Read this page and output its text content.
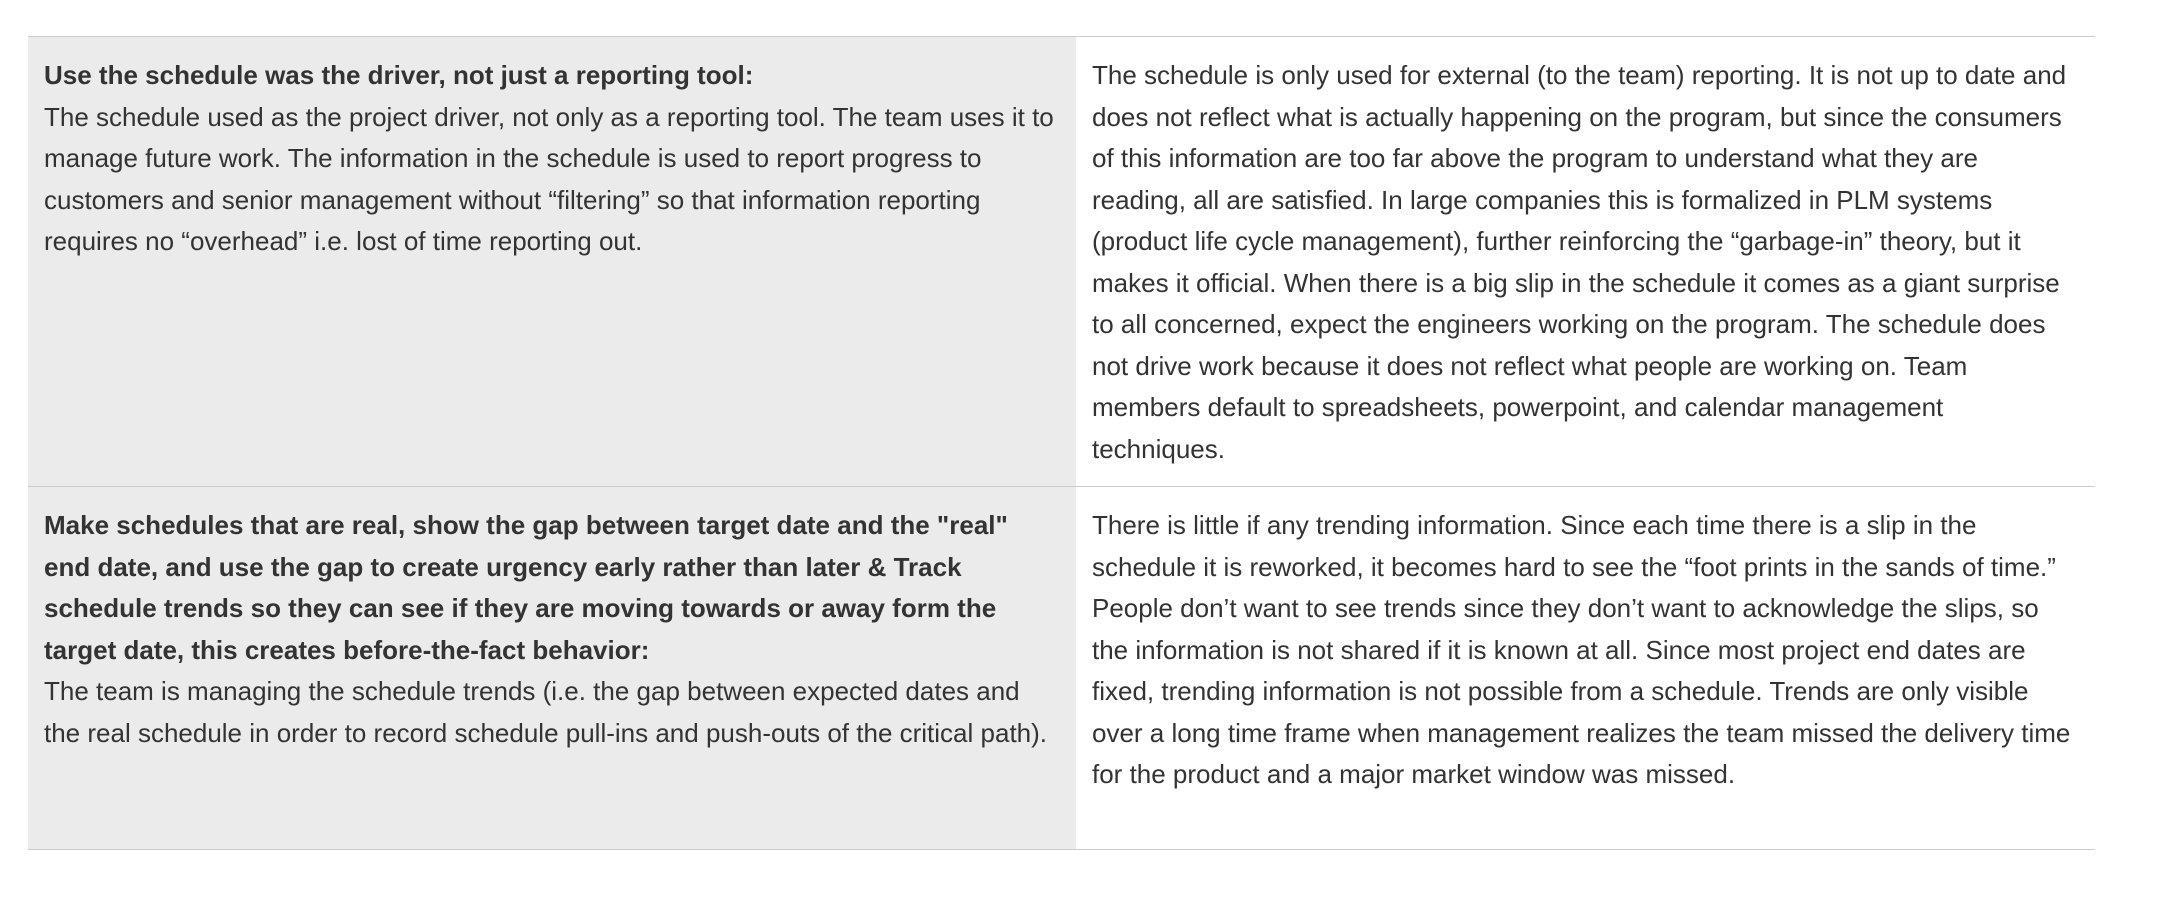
Use the schedule was the driver, not just a reporting tool:
The schedule used as the project driver, not only as a reporting tool. The team uses it to manage future work. The information in the schedule is used to report progress to customers and senior management without “filtering” so that information reporting requires no “overhead” i.e. lost of time reporting out.
The schedule is only used for external (to the team) reporting. It is not up to date and does not reflect what is actually happening on the program, but since the consumers of this information are too far above the program to understand what they are reading, all are satisfied. In large companies this is formalized in PLM systems (product life cycle management), further reinforcing the “garbage-in” theory, but it makes it official. When there is a big slip in the schedule it comes as a giant surprise to all concerned, expect the engineers working on the program. The schedule does not drive work because it does not reflect what people are working on. Team members default to spreadsheets, powerpoint, and calendar management techniques.
Make schedules that are real, show the gap between target date and the "real" end date, and use the gap to create urgency early rather than later & Track schedule trends so they can see if they are moving towards or away form the target date, this creates before-the-fact behavior:
The team is managing the schedule trends (i.e. the gap between expected dates and the real schedule in order to record schedule pull-ins and push-outs of the critical path).
There is little if any trending information. Since each time there is a slip in the schedule it is reworked, it becomes hard to see the “foot prints in the sands of time.” People don’t want to see trends since they don’t want to acknowledge the slips, so the information is not shared if it is known at all. Since most project end dates are fixed, trending information is not possible from a schedule. Trends are only visible over a long time frame when management realizes the team missed the delivery time for the product and a major market window was missed.
